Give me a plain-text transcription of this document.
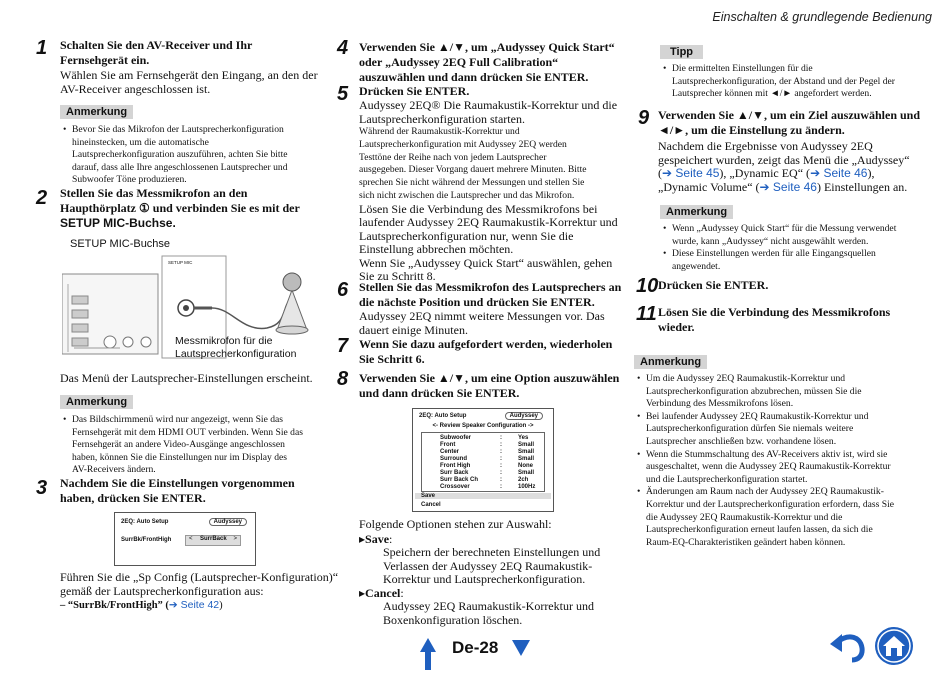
Einschalten & grundlegende Bedienung
1 Schalten Sie den AV-Receiver und Ihr
Fernsehgerät ein.
Wählen Sie am Fernsehgerät den Eingang, an den der
AV-Receiver angeschlossen ist.
Anmerkung
• Bevor Sie das Mikrofon der Lautsprecherkonfiguration
hineinstecken, um die automatische
Lautsprecherkonfiguration auszuführen, achten Sie bitte
darauf, dass alle Ihre angeschlossenen Lautsprecher und
Subwoofer Töne produzieren.
2 Stellen Sie das Messmikrofon an den
Haupthörplatz ① und verbinden Sie es mit der
SETUP MIC-Buchse.
SETUP MIC-Buchse
SETUP MIC
Messmikrofon für die
Lautsprecherkonfiguration
Das Menü der Lautsprecher-Einstellungen erscheint.
Anmerkung
• Das Bildschirmmenü wird nur angezeigt, wenn Sie das
Fernsehgerät mit dem HDMI OUT verbinden. Wenn Sie das
Fernsehgerät an andere Video-Ausgänge angeschlossen
haben, können Sie die Einstellungen nur im Display des
AV-Receivers ändern.
3 Nachdem Sie die Einstellungen vorgenommen
haben, drücken Sie ENTER.
2EQ: Auto Setup	Audyssey
SurrBk/FrontHigh	< SurrBack >
Führen Sie die „Sp Config (Lautsprecher-Konfiguration)“
gemäß der Lautsprecherkonfiguration aus:
– “SurrBk/FrontHigh” (➔ Seite 42)
4 Verwenden Sie ▲/▼, um „Audyssey Quick Start“
oder „Audyssey 2EQ Full Calibration“
auszuwählen und dann drücken Sie ENTER.
5 Drücken Sie ENTER.
Audyssey 2EQ® Die Raumakustik-Korrektur und die
Lautsprecherkonfiguration starten.
Während der Raumakustik-Korrektur und
Lautsprecherkonfiguration mit Audyssey 2EQ werden
Testtöne der Reihe nach von jedem Lautsprecher
ausgegeben. Dieser Vorgang dauert mehrere Minuten. Bitte
sprechen Sie nicht während der Messungen und stellen Sie
sich nicht zwischen die Lautsprecher und das Mikrofon.
Lösen Sie die Verbindung des Messmikrofons bei
laufender Audyssey 2EQ Raumakustik-Korrektur und
Lautsprecherkonfiguration nur, wenn Sie die
Einstellung abbrechen möchten.
Wenn Sie „Audyssey Quick Start“ auswählen, gehen
Sie zu Schritt 8.
6 Stellen Sie das Messmikrofon des Lautsprechers an
die nächste Position und drücken Sie ENTER.
Audyssey 2EQ nimmt weitere Messungen vor. Das
dauert einige Minuten.
7 Wenn Sie dazu aufgefordert werden, wiederholen
Sie Schritt 6.
8 Verwenden Sie ▲/▼, um eine Option auszuwählen
und dann drücken Sie ENTER.
2EQ: Auto Setup	Audyssey
<- Review Speaker Configuration ->
Subwoofer	:	Yes
Front	:	Small
Center	:	Small
Surround	:	Small
Front High	:	None
Surr Back	:	Small
Surr Back Ch	:	2ch
Crossover	:	100Hz
Save
Cancel
Folgende Optionen stehen zur Auswahl:
▸Save:
Speichern der berechneten Einstellungen und
Verlassen der Audyssey 2EQ Raumakustik-
Korrektur und Lautsprecherkonfiguration.
▸Cancel:
Audyssey 2EQ Raumakustik-Korrektur und
Boxenkonfiguration löschen.
Tipp
• Die ermittelten Einstellungen für die
Lautsprecherkonfiguration, der Abstand und der Pegel der
Lautsprecher können mit ◄/► angefordert werden.
9 Verwenden Sie ▲/▼, um ein Ziel auszuwählen und
◄/►, um die Einstellung zu ändern.
Nachdem die Ergebnisse von Audyssey 2EQ
gespeichert wurden, zeigt das Menü die „Audyssey“
(➔ Seite 45), „Dynamic EQ“ (➔ Seite 46),
„Dynamic Volume“ (➔ Seite 46) Einstellungen an.
Anmerkung
• Wenn „Audyssey Quick Start“ für die Messung verwendet
wurde, kann „Audyssey“ nicht ausgewählt werden.
• Diese Einstellungen werden für alle Eingangsquellen
angewendet.
10 Drücken Sie ENTER.
11 Lösen Sie die Verbindung des Messmikrofons
wieder.
Anmerkung
• Um die Audyssey 2EQ Raumakustik-Korrektur und
Lautsprecherkonfiguration abzubrechen, müssen Sie die
Verbindung des Messmikrofons lösen.
• Bei laufender Audyssey 2EQ Raumakustik-Korrektur und
Lautsprecherkonfiguration dürfen Sie niemals weitere
Lautsprecher anschließen bzw. vorhandene lösen.
• Wenn die Stummschaltung des AV-Receivers aktiv ist, wird sie
ausgeschaltet, wenn die Audyssey 2EQ Raumakustik-Korrektur
und die Lautsprecherkonfiguration startet.
• Änderungen am Raum nach der Audyssey 2EQ Raumakustik-
Korrektur und der Lautsprecherkonfiguration erfordern, dass Sie
die Audyssey 2EQ Raumakustik-Korrektur und die
Lautsprecherkonfiguration erneut laufen lassen, da sich die
Raum-EQ-Charakteristiken geändert haben können.
De-28
